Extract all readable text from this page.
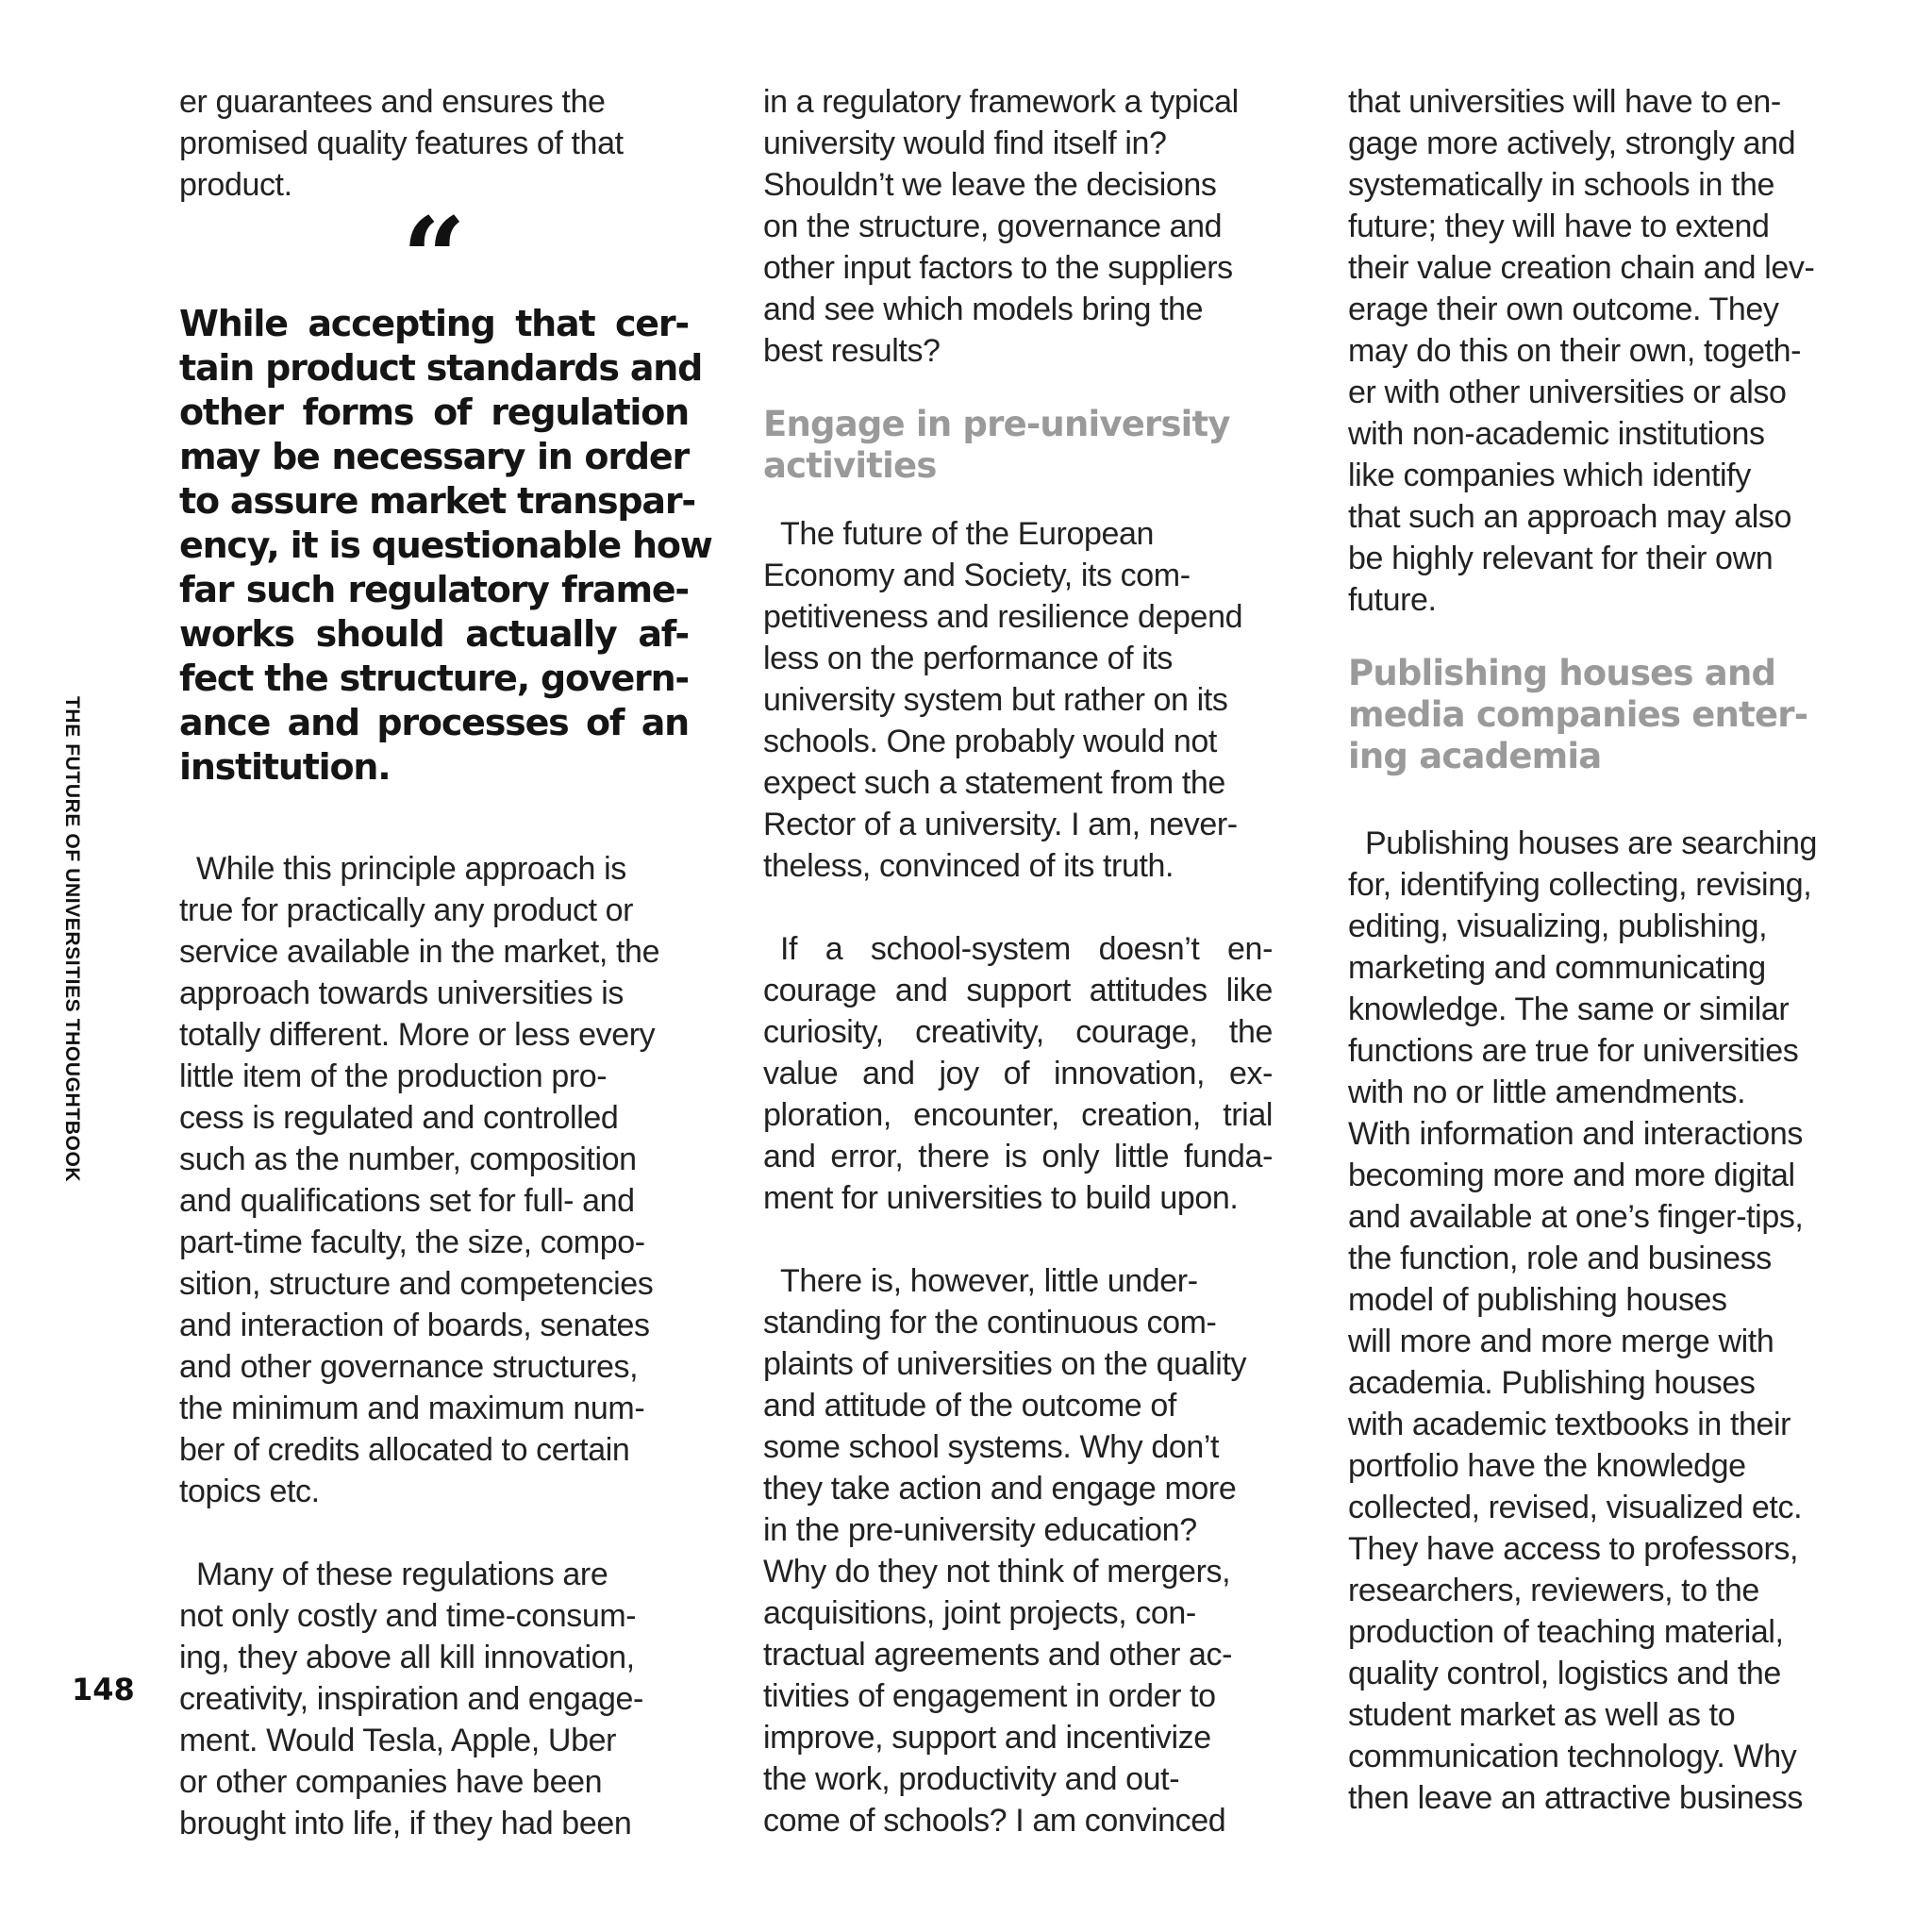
THE FUTURE OF UNIVERSITIES THOUGHTBOOK
148
er guarantees and ensures the
promised quality features of that
product.
“
While accepting that cer-
tain product standards and
other forms of regulation
may be necessary in order
to assure market transpar-
ency, it is questionable how
far such regulatory frame-
works should actually af-
fect the structure, govern-
ance and processes of an
institution.
While this principle approach is
true for practically any product or
service available in the market, the
approach towards universities is
totally different. More or less every
little item of the production pro-
cess is regulated and controlled
such as the number, composition
and qualifications set for full- and
part-time faculty, the size, compo-
sition, structure and competencies
and interaction of boards, senates
and other governance structures,
the minimum and maximum num-
ber of credits allocated to certain
topics etc.
Many of these regulations are
not only costly and time-consum-
ing, they above all kill innovation,
creativity, inspiration and engage-
ment. Would Tesla, Apple, Uber
or other companies have been
brought into life, if they had been
in a regulatory framework a typical
university would find itself in?
Shouldn’t we leave the decisions
on the structure, governance and
other input factors to the suppliers
and see which models bring the
best results?
Engage in pre-university
activities
The future of the European
Economy and Society, its com-
petitiveness and resilience depend
less on the performance of its
university system but rather on its
schools. One probably would not
expect such a statement from the
Rector of a university. I am, never-
theless, convinced of its truth.
If a school-system doesn’t en-
courage and support attitudes like
curiosity, creativity, courage, the
value and joy of innovation, ex-
ploration, encounter, creation, trial
and error, there is only little funda-
ment for universities to build upon.
There is, however, little under-
standing for the continuous com-
plaints of universities on the quality
and attitude of the outcome of
some school systems. Why don’t
they take action and engage more
in the pre-university education?
Why do they not think of mergers,
acquisitions, joint projects, con-
tractual agreements and other ac-
tivities of engagement in order to
improve, support and incentivize
the work, productivity and out-
come of schools? I am convinced
that universities will have to en-
gage more actively, strongly and
systematically in schools in the
future; they will have to extend
their value creation chain and lev-
erage their own outcome. They
may do this on their own, togeth-
er with other universities or also
with non-academic institutions
like companies which identify
that such an approach may also
be highly relevant for their own
future.
Publishing houses and
media companies enter-
ing academia
Publishing houses are searching
for, identifying collecting, revising,
editing, visualizing, publishing,
marketing and communicating
knowledge. The same or similar
functions are true for universities
with no or little amendments.
With information and interactions
becoming more and more digital
and available at one’s finger-tips,
the function, role and business
model of publishing houses
will more and more merge with
academia. Publishing houses
with academic textbooks in their
portfolio have the knowledge
collected, revised, visualized etc.
They have access to professors,
researchers, reviewers, to the
production of teaching material,
quality control, logistics and the
student market as well as to
communication technology. Why
then leave an attractive business
